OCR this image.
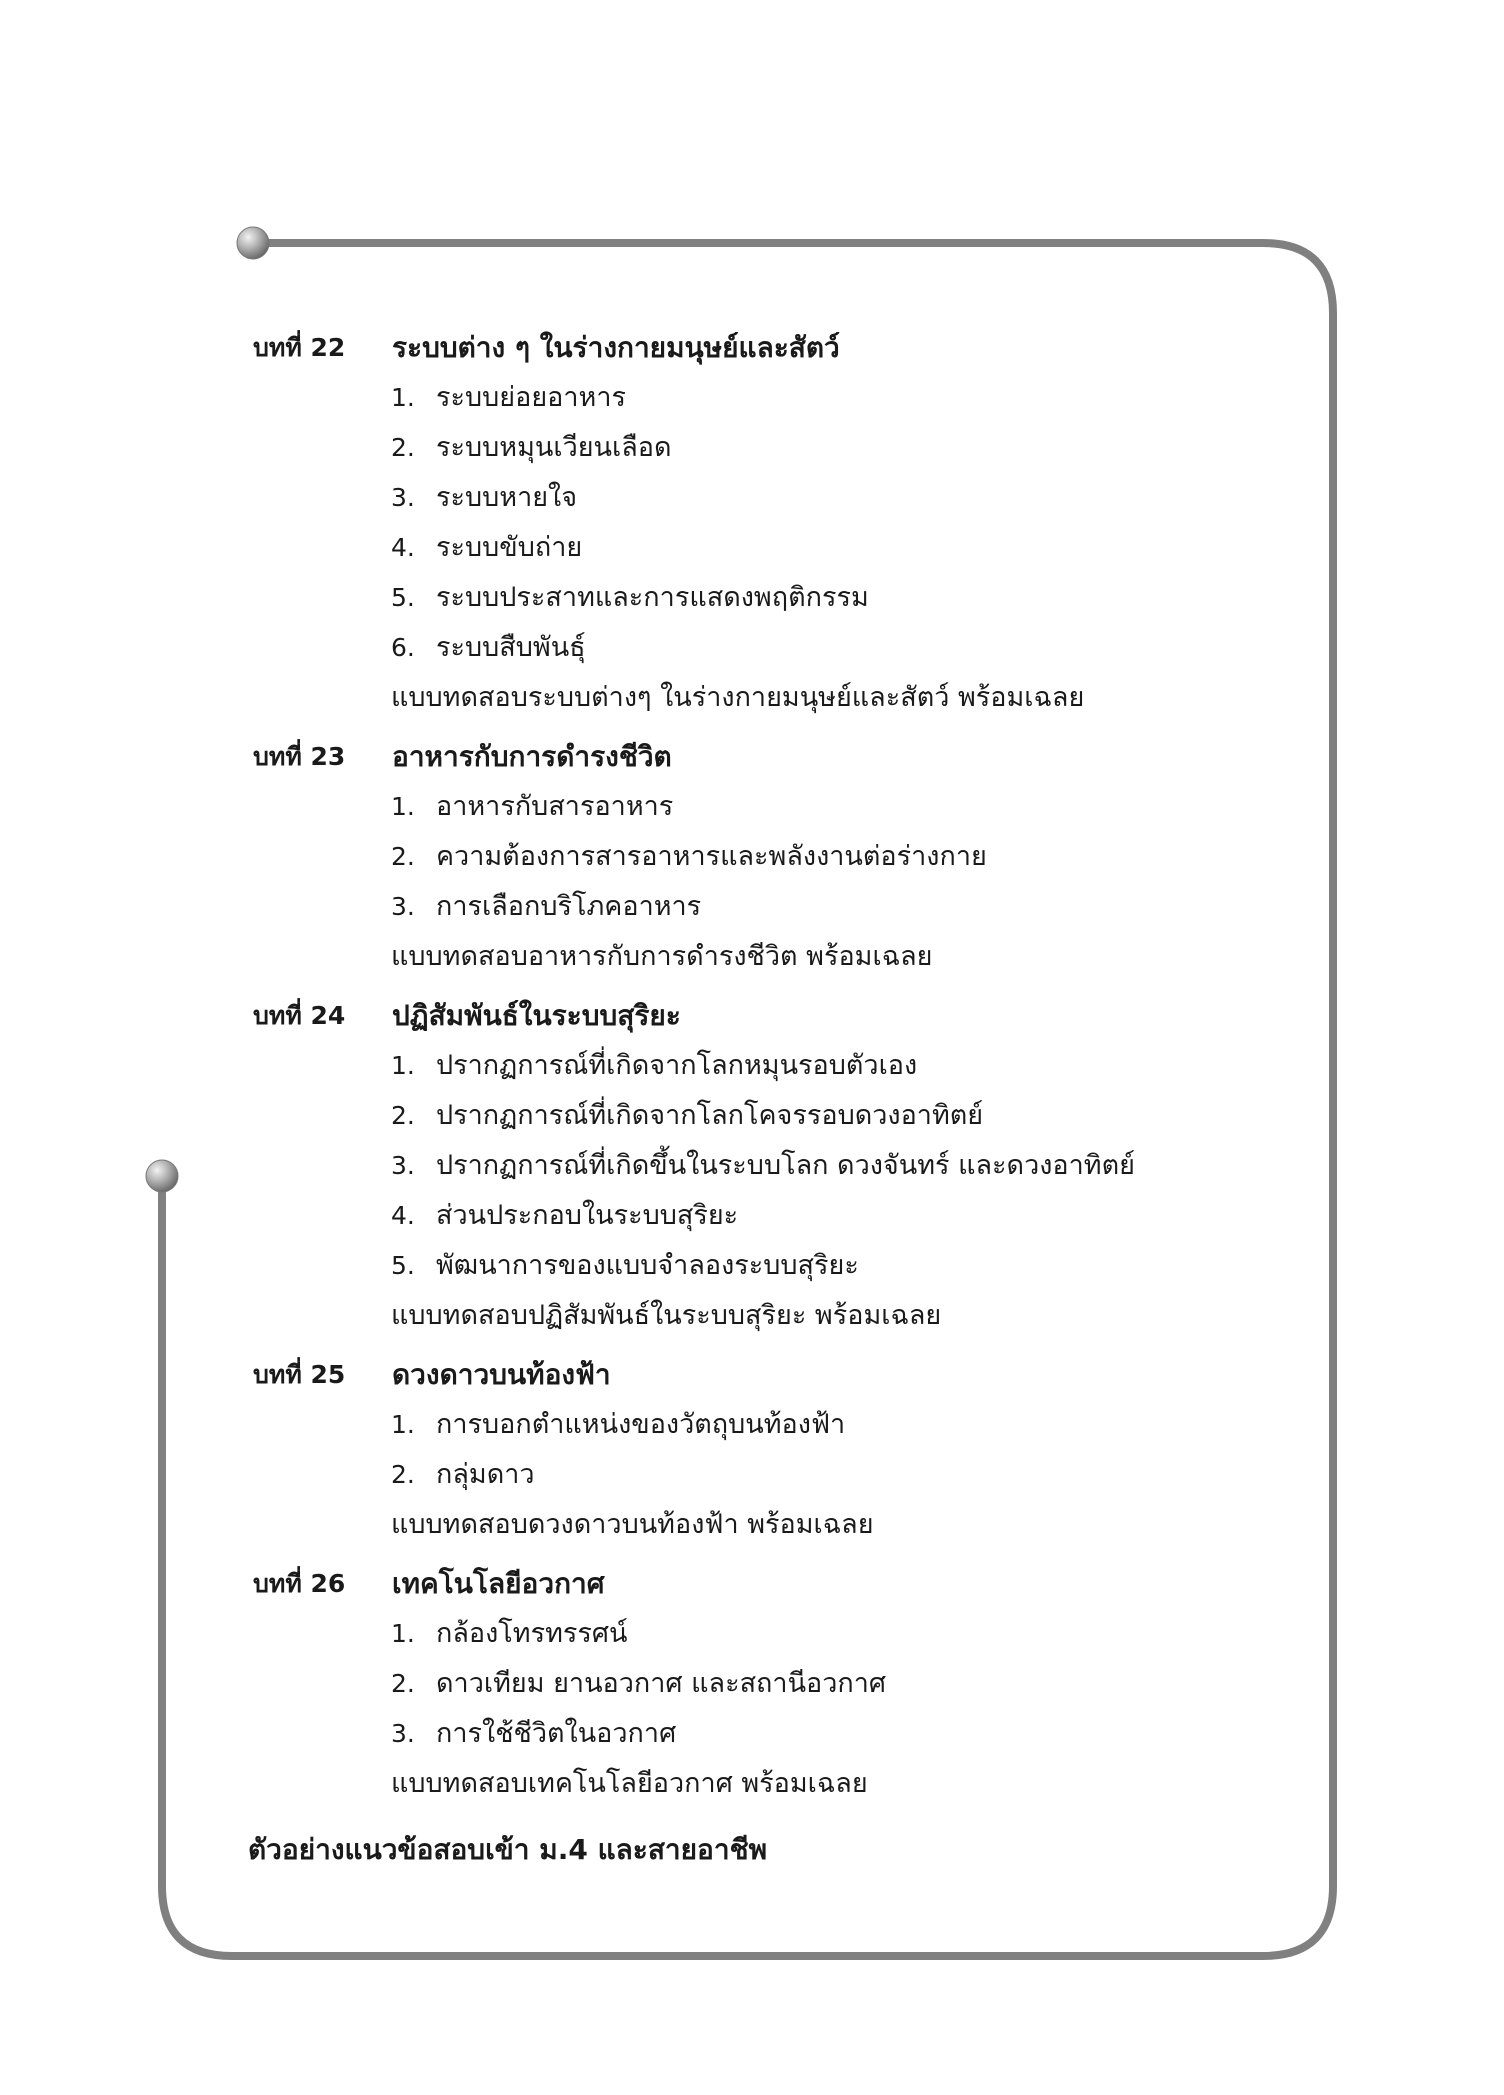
บทที่ 22 ระบบต่าง ๆ ในร่างกายมนุษย์และสัตว์
1. ระบบย่อยอาหาร
2. ระบบหมุนเวียนเลือด
3. ระบบหายใจ
4. ระบบขับถ่าย
5. ระบบประสาทและการแสดงพฤติกรรม
6. ระบบสืบพันธุ์
แบบทดสอบระบบต่างๆ ในร่างกายมนุษย์และสัตว์ พร้อมเฉลย
บทที่ 23 อาหารกับการดำรงชีวิต
1. อาหารกับสารอาหาร
2. ความต้องการสารอาหารและพลังงานต่อร่างกาย
3. การเลือกบริโภคอาหาร
แบบทดสอบอาหารกับการดำรงชีวิต พร้อมเฉลย
บทที่ 24 ปฏิสัมพันธ์ในระบบสุริยะ
1. ปรากฏการณ์ที่เกิดจากโลกหมุนรอบตัวเอง
2. ปรากฏการณ์ที่เกิดจากโลกโคจรรอบดวงอาทิตย์
3. ปรากฏการณ์ที่เกิดขึ้นในระบบโลก ดวงจันทร์ และดวงอาทิตย์
4. ส่วนประกอบในระบบสุริยะ
5. พัฒนาการของแบบจำลองระบบสุริยะ
แบบทดสอบปฏิสัมพันธ์ในระบบสุริยะ พร้อมเฉลย
บทที่ 25 ดวงดาวบนท้องฟ้า
1. การบอกตำแหน่งของวัตถุบนท้องฟ้า
2. กลุ่มดาว
แบบทดสอบดวงดาวบนท้องฟ้า พร้อมเฉลย
บทที่ 26 เทคโนโลยีอวกาศ
1. กล้องโทรทรรศน์
2. ดาวเทียม ยานอวกาศ และสถานีอวกาศ
3. การใช้ชีวิตในอวกาศ
แบบทดสอบเทคโนโลยีอวกาศ พร้อมเฉลย
ตัวอย่างแนวข้อสอบเข้า ม.4 และสายอาชีพ
